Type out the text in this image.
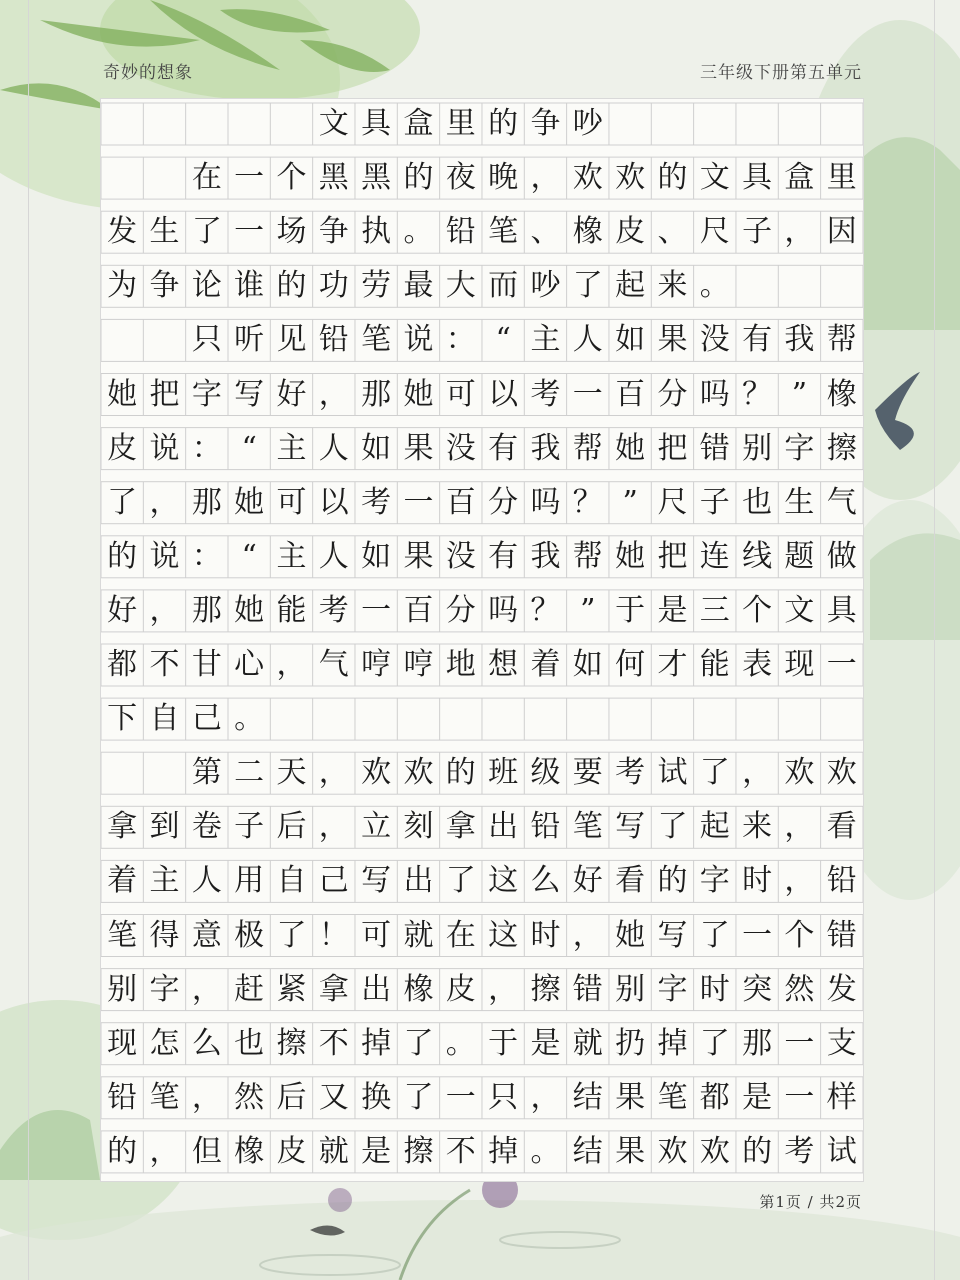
奇妙的想象	三年级下册第五单元
文 具 盒 里 的 争 吵
在 一 个 黑 黑 的 夜 晚 ， 欢 欢 的 文 具 盒 里
发 生 了 一 场 争 执 。 铅 笔 、 橡 皮 、 尺 子 ， 因
为 争 论 谁 的 功 劳 最 大 而 吵 了 起 来 。
只 听 见 铅 笔 说 ： “ 主 人 如 果 没 有 我 帮
她 把 字 写 好 ， 那 她 可 以 考 一 百 分 吗 ？ ” 橡
皮 说 ： “ 主 人 如 果 没 有 我 帮 她 把 错 别 字 擦
了 ， 那 她 可 以 考 一 百 分 吗 ？ ” 尺 子 也 生 气
的 说 ： “ 主 人 如 果 没 有 我 帮 她 把 连 线 题 做
好 ， 那 她 能 考 一 百 分 吗 ？ ” 于 是 三 个 文 具
都 不 甘 心 ， 气 哼 哼 地 想 着 如 何 才 能 表 现 一
下 自 己 。
第 二 天 ， 欢 欢 的 班 级 要 考 试 了 ， 欢 欢
拿 到 卷 子 后 ， 立 刻 拿 出 铅 笔 写 了 起 来 ， 看
着 主 人 用 自 己 写 出 了 这 么 好 看 的 字 时 ， 铅
笔 得 意 极 了 ！ 可 就 在 这 时 ， 她 写 了 一 个 错
别 字 ， 赶 紧 拿 出 橡 皮 ， 擦 错 别 字 时 突 然 发
现 怎 么 也 擦 不 掉 了 。 于 是 就 扔 掉 了 那 一 支
铅 笔 ， 然 后 又 换 了 一 只 ， 结 果 笔 都 是 一 样
的 ， 但 橡 皮 就 是 擦 不 掉 。 结 果 欢 欢 的 考 试
第1页 / 共2页
